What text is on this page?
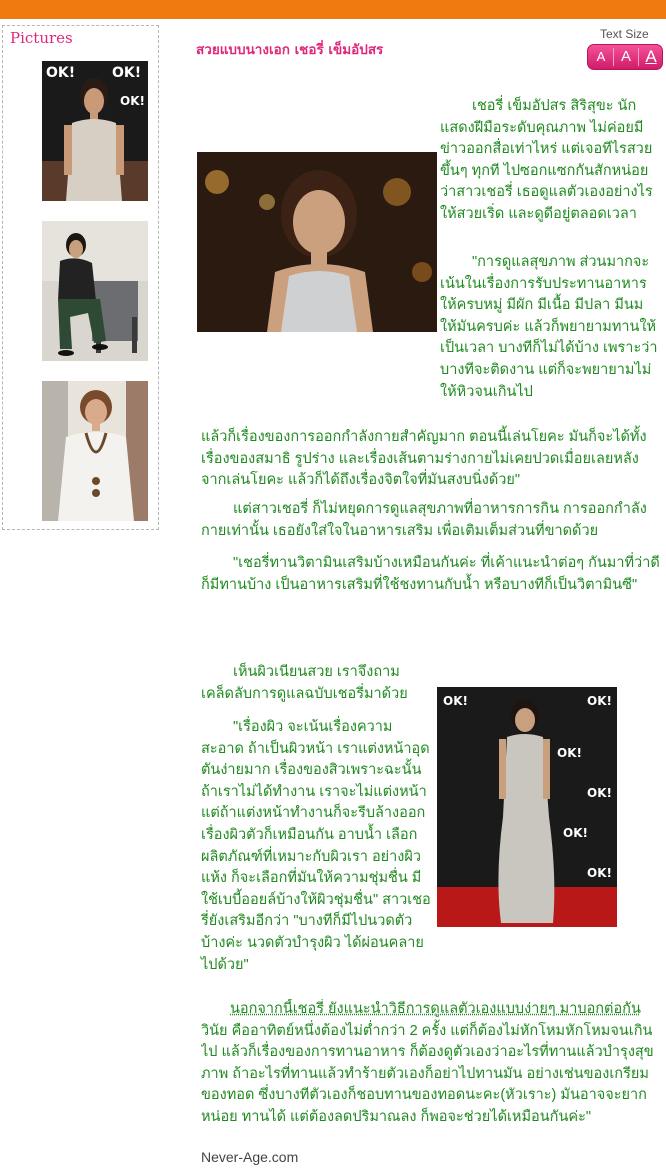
Pictures
OK!	OK!
OK!
Text Size
A	A A
สวยแบบนางเอก เชอรี่ เข็มอัปสร
เชอรี่ เข็มอัปสร สิริสุขะ นักแสดงฝีมือระดับคุณภาพ ไม่ค่อยมีข่าวออกสื่อเท่าไหร่ แต่เจอทีไรสวยขึ้นๆ ทุกที ไปซอกแซกกันสักหน่อย ว่าสาวเชอรี่ เธอดูแลตัวเองอย่างไร ให้สวยเริ่ด และดูดีอยู่ตลอดเวลา
"การดูแลสุขภาพ ส่วนมากจะเน้นในเรื่องการรับประทานอาหารให้ครบหมู่ มีผัก มีเนื้อ มีปลา มีนม ให้มันครบค่ะ แล้วก็พยายามทานให้เป็นเวลา บางทีก็ไม่ได้บ้าง เพราะว่าบางทีจะติดงาน แต่ก็จะพยายามไม่ให้หิวจนเกินไป
แล้วก็เรื่องของการออกกำลังกายสำคัญมาก ตอนนี้เล่นโยคะ มันก็จะได้ทั้งเรื่องของสมาธิ รูปร่าง และเรื่องเส้นตามร่างกายไม่เคยปวดเมื่อยเลยหลังจากเล่นโยคะ แล้วก็ได้ถึงเรื่องจิตใจที่มันสงบนิ่งด้วย"
แต่สาวเชอรี่ ก็ไม่หยุดการดูแลสุขภาพที่อาหารการกิน การออกกำลังกายเท่านั้น เธอยังใส่ใจในอาหารเสริม เพื่อเติมเต็มส่วนที่ขาดด้วย
"เชอรี่ทานวิตามินเสริมบ้างเหมือนกันค่ะ ที่เค้าแนะนำต่อๆ กันมาที่ว่าดี ก็มีทานบ้าง เป็นอาหารเสริมที่ใช้ชงทานกับน้ำ หรือบางทีก็เป็นวิตามินซี"
เห็นผิวเนียนสวย เราจึงถามเคล็ดลับการดูแลฉบับเชอรี่มาด้วย	OK!	OK!
OK!
OK!
OK!
OK!
"เรื่องผิว จะเน้นเรื่องความสะอาด ถ้าเป็นผิวหน้า เราแต่งหน้าอุดตันง่ายมาก เรื่องของสิวเพราะฉะนั้น ถ้าเราไม่ได้ทำงาน เราจะไม่แต่งหน้า แต่ถ้าแต่งหน้าทำงานก็จะรีบล้างออก เรื่องผิวตัวก็เหมือนกัน อาบน้ำ เลือกผลิตภัณฑ์ที่เหมาะกับผิวเรา อย่างผิวแห้ง ก็จะเลือกที่มันให้ความชุ่มชื่น มีใช้เบบี้ออยล์บ้างให้ผิวชุ่มชื่น" สาวเชอรี่ยังเสริมอีกว่า "บางทีก็มีไปนวดตัวบ้างค่ะ นวดตัวบำรุงผิว ได้ผ่อนคลายไปด้วย"
นอกจากนี้เชอรี่ ยังแนะนำวิธีการดูแลตัวเองแบบง่ายๆ มาบอกต่อกัน วินัย คืออาทิตย์หนึ่งต้องไม่ต่ำกว่า 2 ครั้ง แต่ก็ต้องไม่หักโหมหักโหมจนเกินไป แล้วก็เรื่องของการทานอาหาร ก็ต้องดูตัวเองว่าอะไรที่ทานแล้วบำรุงสุขภาพ ถ้าอะไรที่ทานแล้วทำร้ายตัวเองก็อย่าไปทานมัน อย่างเช่นของเกรียม ของทอด ซึ่งบางทีตัวเองก็ชอบทานของทอดนะคะ(หัวเราะ) มันอาจจะยากหน่อย ทานได้ แต่ต้องลดปริมาณลง ก็พอจะช่วยได้เหมือนกันค่ะ"
Never-Age.com
